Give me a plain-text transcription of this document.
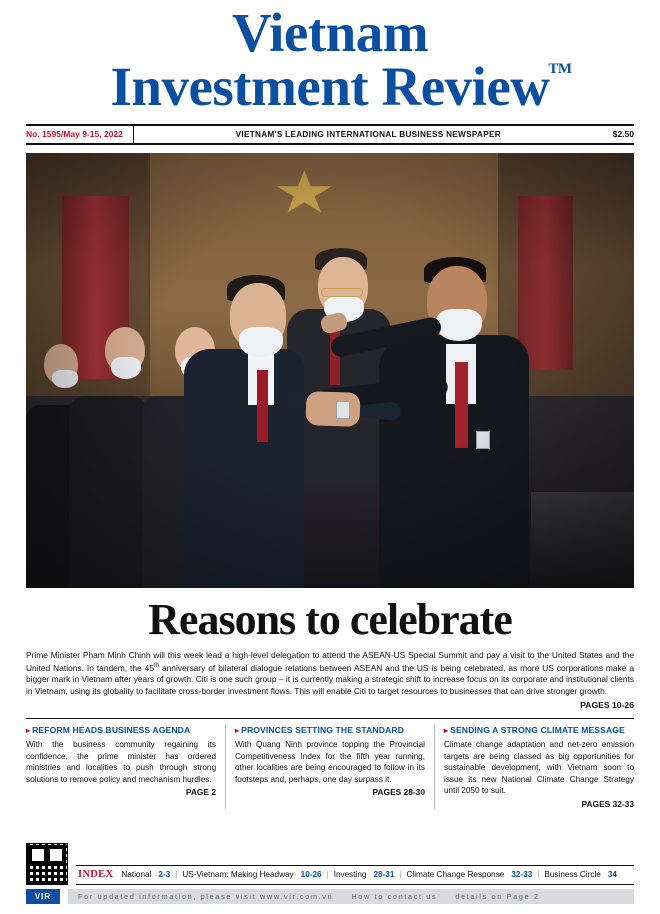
Vietnam
Investment Review
TM
No. 1595/May 9-15, 2022	VIETNAM'S LEADING INTERNATIONAL BUSINESS NEWSPAPER	$2.50
Reasons to celebrate
Prime Minister Pham Minh Chinh will this week lead a high-level delegation to attend the ASEAN-US Special Summit and pay a visit to the United States and the United Nations. In tandem, the 45th anniversary of bilateral dialogue relations between ASEAN and the US is being celebrated, as more US corporations make a bigger mark in Vietnam after years of growth. Citi is one such group – it is currently making a strategic shift to increase focus on its corporate and institutional clients in Vietnam, using its globality to facilitate cross-border investment flows. This will enable Citi to target resources to businesses that can drive stronger growth.
PAGES 10-26
▸ REFORM HEADS BUSINESS AGENDA

With the business community regaining its confidence, the prime minister has ordered ministries and localities to push through strong solutions to remove policy and mechanism hurdles.

PAGE 2
▸ PROVINCES SETTING THE STANDARD

With Quang Ninh province topping the Provincial Competitiveness Index for the fifth year running, other localities are being encouraged to follow in its footsteps and, perhaps, one day surpass it.

PAGES 28-30
▸ SENDING A STRONG CLIMATE MESSAGE

Climate change adaptation and net-zero emission targets are being classed as big opportunities for sustainable development, with Vietnam soon to issue its new National Climate Change Strategy until 2050 to suit.

PAGES 32-33
INDEX National 2-3 | US-Vietnam: Making Headway 10-26 | Investing 28-31 | Climate Change Response 32-33 | Business Circle 34
VIR	For updated information, please visit www.vir.com.vn How to contact us details on Page 2
